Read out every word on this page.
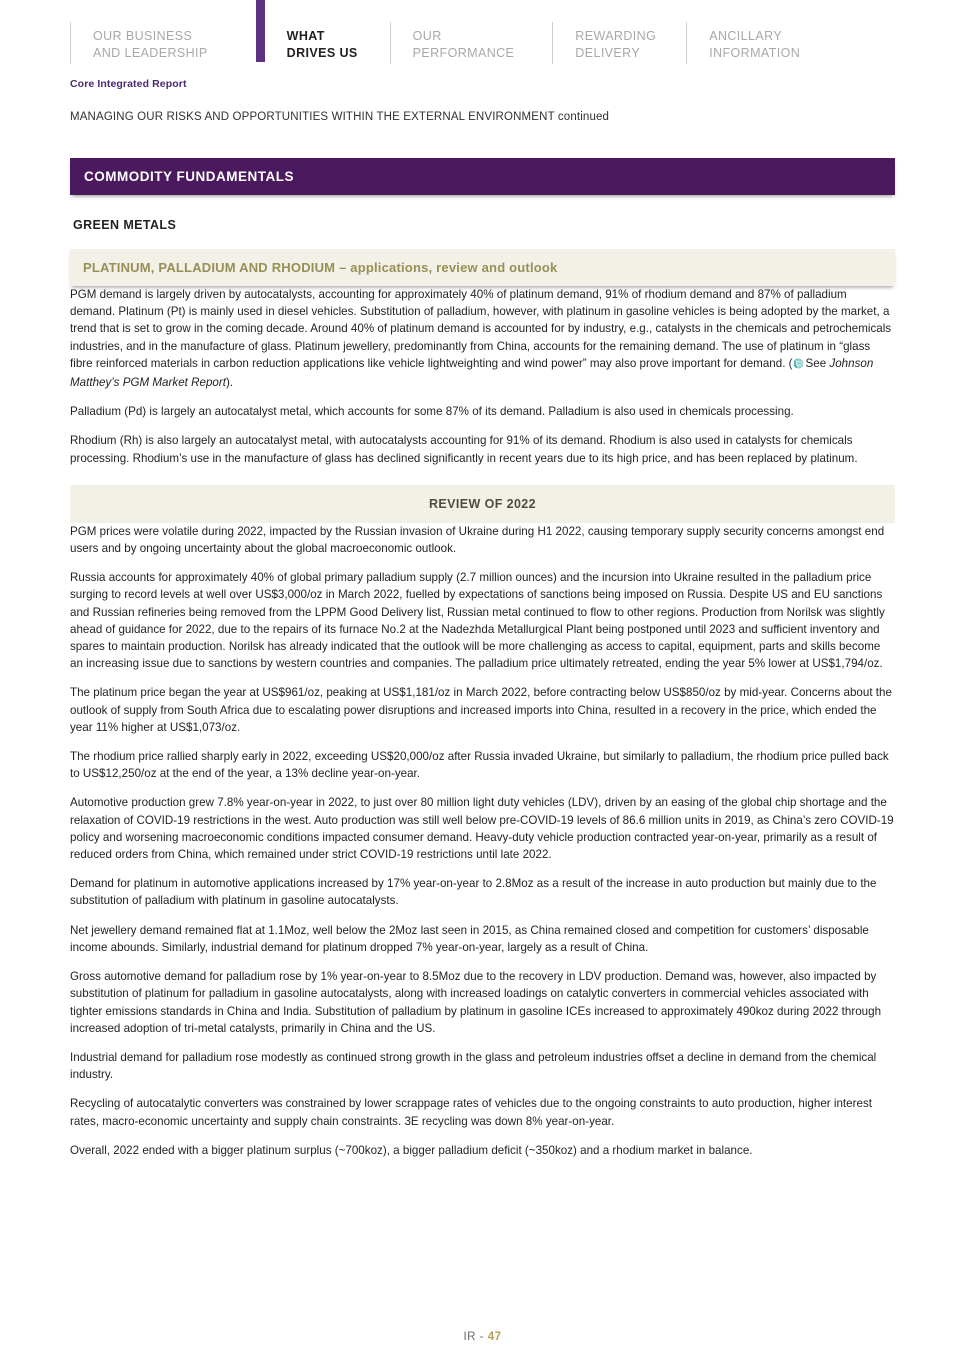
OUR BUSINESS
AND LEADERSHIP
WHAT
DRIVES US
OUR
PERFORMANCE
REWARDING
DELIVERY
ANCILLARY
INFORMATION
Core Integrated Report
MANAGING OUR RISKS AND OPPORTUNITIES WITHIN THE EXTERNAL ENVIRONMENT continued
COMMODITY FUNDAMENTALS
GREEN METALS
PLATINUM, PALLADIUM AND RHODIUM – applications, review and outlook

PGM demand is largely driven by autocatalysts, accounting for approximately 40% of platinum demand, 91% of rhodium demand and 87% of palladium demand. Platinum (Pt) is mainly used in diesel vehicles. Substitution of palladium, however, with platinum in gasoline vehicles is being adopted by the market, a trend that is set to grow in the coming decade. Around 40% of platinum demand is accounted for by industry, e.g., catalysts in the chemicals and petrochemicals industries, and in the manufacture of glass. Platinum jewellery, predominantly from China, accounts for the remaining demand. The use of platinum in “glass fibre reinforced materials in carbon reduction applications like vehicle lightweighting and wind power” may also prove important for demand. ( See Johnson Matthey’s PGM Market Report).

Palladium (Pd) is largely an autocatalyst metal, which accounts for some 87% of its demand. Palladium is also used in chemicals processing.

Rhodium (Rh) is also largely an autocatalyst metal, with autocatalysts accounting for 91% of its demand. Rhodium is also used in catalysts for chemicals processing. Rhodium’s use in the manufacture of glass has declined significantly in recent years due to its high price, and has been replaced by platinum.

REVIEW OF 2022

PGM prices were volatile during 2022, impacted by the Russian invasion of Ukraine during H1 2022, causing temporary supply security concerns amongst end users and by ongoing uncertainty about the global macroeconomic outlook.

Russia accounts for approximately 40% of global primary palladium supply (2.7 million ounces) and the incursion into Ukraine resulted in the palladium price surging to record levels at well over US$3,000/oz in March 2022, fuelled by expectations of sanctions being imposed on Russia. Despite US and EU sanctions and Russian refineries being removed from the LPPM Good Delivery list, Russian metal continued to flow to other regions. Production from Norilsk was slightly ahead of guidance for 2022, due to the repairs of its furnace No.2 at the Nadezhda Metallurgical Plant being postponed until 2023 and sufficient inventory and spares to maintain production. Norilsk has already indicated that the outlook will be more challenging as access to capital, equipment, parts and skills become an increasing issue due to sanctions by western countries and companies. The palladium price ultimately retreated, ending the year 5% lower at US$1,794/oz.

The platinum price began the year at US$961/oz, peaking at US$1,181/oz in March 2022, before contracting below US$850/oz by mid-year. Concerns about the outlook of supply from South Africa due to escalating power disruptions and increased imports into China, resulted in a recovery in the price, which ended the year 11% higher at US$1,073/oz.

The rhodium price rallied sharply early in 2022, exceeding US$20,000/oz after Russia invaded Ukraine, but similarly to palladium, the rhodium price pulled back to US$12,250/oz at the end of the year, a 13% decline year-on-year.

Automotive production grew 7.8% year-on-year in 2022, to just over 80 million light duty vehicles (LDV), driven by an easing of the global chip shortage and the relaxation of COVID-19 restrictions in the west. Auto production was still well below pre-COVID-19 levels of 86.6 million units in 2019, as China’s zero COVID-19 policy and worsening macroeconomic conditions impacted consumer demand. Heavy-duty vehicle production contracted year-on-year, primarily as a result of reduced orders from China, which remained under strict COVID-19 restrictions until late 2022.

Demand for platinum in automotive applications increased by 17% year-on-year to 2.8Moz as a result of the increase in auto production but mainly due to the substitution of palladium with platinum in gasoline autocatalysts.

Net jewellery demand remained flat at 1.1Moz, well below the 2Moz last seen in 2015, as China remained closed and competition for customers’ disposable income abounds. Similarly, industrial demand for platinum dropped 7% year-on-year, largely as a result of China.

Gross automotive demand for palladium rose by 1% year-on-year to 8.5Moz due to the recovery in LDV production. Demand was, however, also impacted by substitution of platinum for palladium in gasoline autocatalysts, along with increased loadings on catalytic converters in commercial vehicles associated with tighter emissions standards in China and India. Substitution of palladium by platinum in gasoline ICEs increased to approximately 490koz during 2022 through increased adoption of tri-metal catalysts, primarily in China and the US.

Industrial demand for palladium rose modestly as continued strong growth in the glass and petroleum industries offset a decline in demand from the chemical industry.

Recycling of autocatalytic converters was constrained by lower scrappage rates of vehicles due to the ongoing constraints to auto production, higher interest rates, macro-economic uncertainty and supply chain constraints. 3E recycling was down 8% year-on-year.

Overall, 2022 ended with a bigger platinum surplus (~700koz), a bigger palladium deficit (~350koz) and a rhodium market in balance.

IR - 47
